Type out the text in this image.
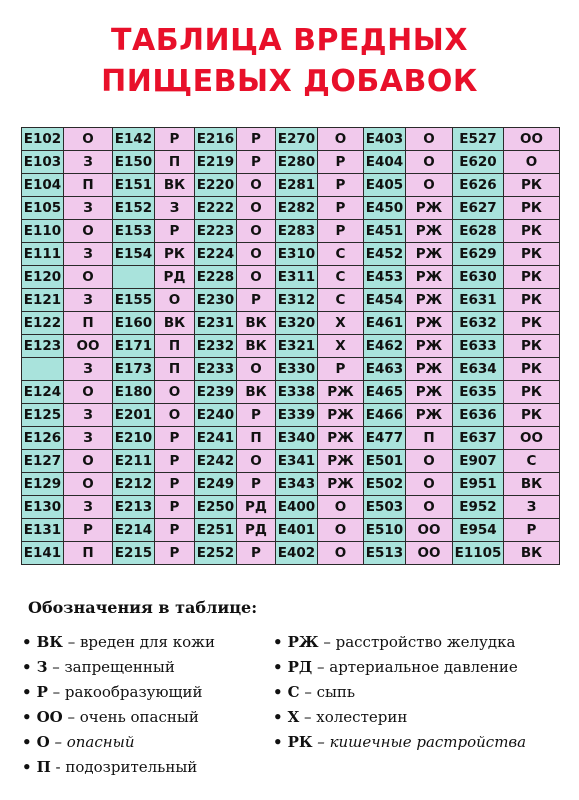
ТАБЛИЦА ВРЕДНЫХ
ПИЩЕВЫХ ДОБАВОК
E102	О	E142	Р	E216	Р	E270	О	E403	О	E527	ОО
E103	З	E150	П	E219	Р	E280	Р	E404	О	E620	О
E104	П	E151	ВК	E220	О	E281	Р	E405	О	E626	РК
E105	З	E152	З	E222	О	E282	Р	E450	РЖ	E627	РК
E110	О	E153	Р	E223	О	E283	Р	E451	РЖ	E628	РК
E111	З	E154	РК	E224	О	E310	С	E452	РЖ	E629	РК
E120	О		РД	E228	О	E311	С	E453	РЖ	E630	РК
E121	З	E155	О	E230	Р	E312	С	E454	РЖ	E631	РК
E122	П	E160	ВК	E231	ВК	E320	Х	E461	РЖ	E632	РК
E123	ОО	E171	П	E232	ВК	E321	Х	E462	РЖ	E633	РК
	З	E173	П	E233	О	E330	Р	E463	РЖ	E634	РК
E124	О	E180	О	E239	ВК	E338	РЖ	E465	РЖ	E635	РК
E125	З	E201	О	E240	Р	E339	РЖ	E466	РЖ	E636	РК
E126	З	E210	Р	E241	П	E340	РЖ	E477	П	E637	ОО
E127	О	E211	Р	E242	О	E341	РЖ	E501	О	E907	С
E129	О	E212	Р	E249	Р	E343	РЖ	E502	О	E951	ВК
E130	З	E213	Р	E250	РД	E400	О	E503	О	E952	З
E131	Р	E214	Р	E251	РД	E401	О	E510	ОО	E954	Р
E141	П	E215	Р	E252	Р	E402	О	E513	ОО	E1105	ВК
Обозначения в таблице:
• ВК – вреден для кожи
• З – запрещенный
• Р – ракообразующий
• ОО – очень опасный
• О – опасный
• П - подозрительный
• РЖ – расстройство желудка
• РД – артериальное давление
• С – сыпь
• Х – холестерин
• РК – кишечные растройства
